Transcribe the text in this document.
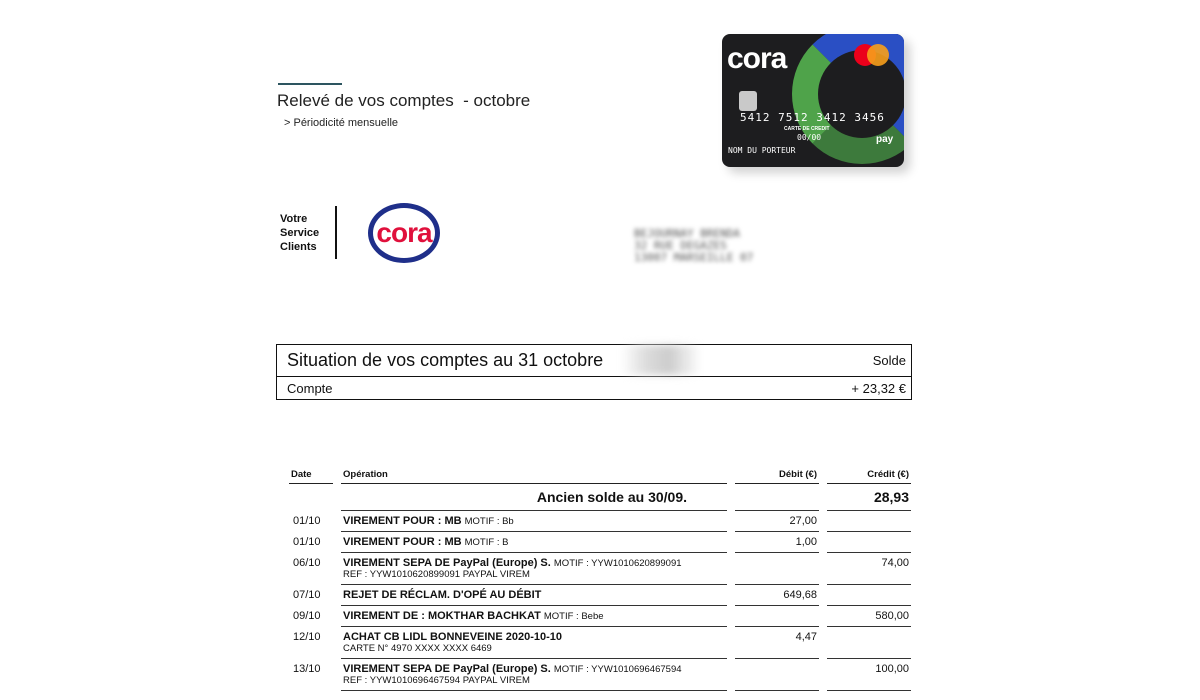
Relevé de vos comptes  - octobre
> Périodicité mensuelle
cora
5412 7512 3412 3456
CARTE DE CREDIT
00/00
NOM DU PORTEUR
pay
Votre
Service
Clients	cora	BEJOURNAY BRENDA
32 RUE DEGAZES
13007 MARSEILLE 07
Situation de vos comptes au 31 octobre	Solde
Compte	+ 23,32 €
Date	Opération	Débit (€)	Crédit (€)
	Ancien solde au 30/09.		28,93
01/10	VIREMENT POUR : MB MOTIF : Bb	27,00	
01/10	VIREMENT POUR : MB MOTIF : B	1,00	
06/10	VIREMENT SEPA DE PayPal (Europe) S. MOTIF : YYW1010620899091
REF : YYW1010620899091 PAYPAL VIREM		74,00
07/10	REJET DE RÉCLAM. D'OPÉ AU DÉBIT	649,68	
09/10	VIREMENT DE : MOKTHAR BACHKAT MOTIF : Bebe		580,00
12/10	ACHAT CB LIDL BONNEVEINE 2020-10-10
CARTE N° 4970 XXXX XXXX 6469	4,47	
13/10	VIREMENT SEPA DE PayPal (Europe) S. MOTIF : YYW1010696467594
REF : YYW1010696467594 PAYPAL VIREM		100,00
